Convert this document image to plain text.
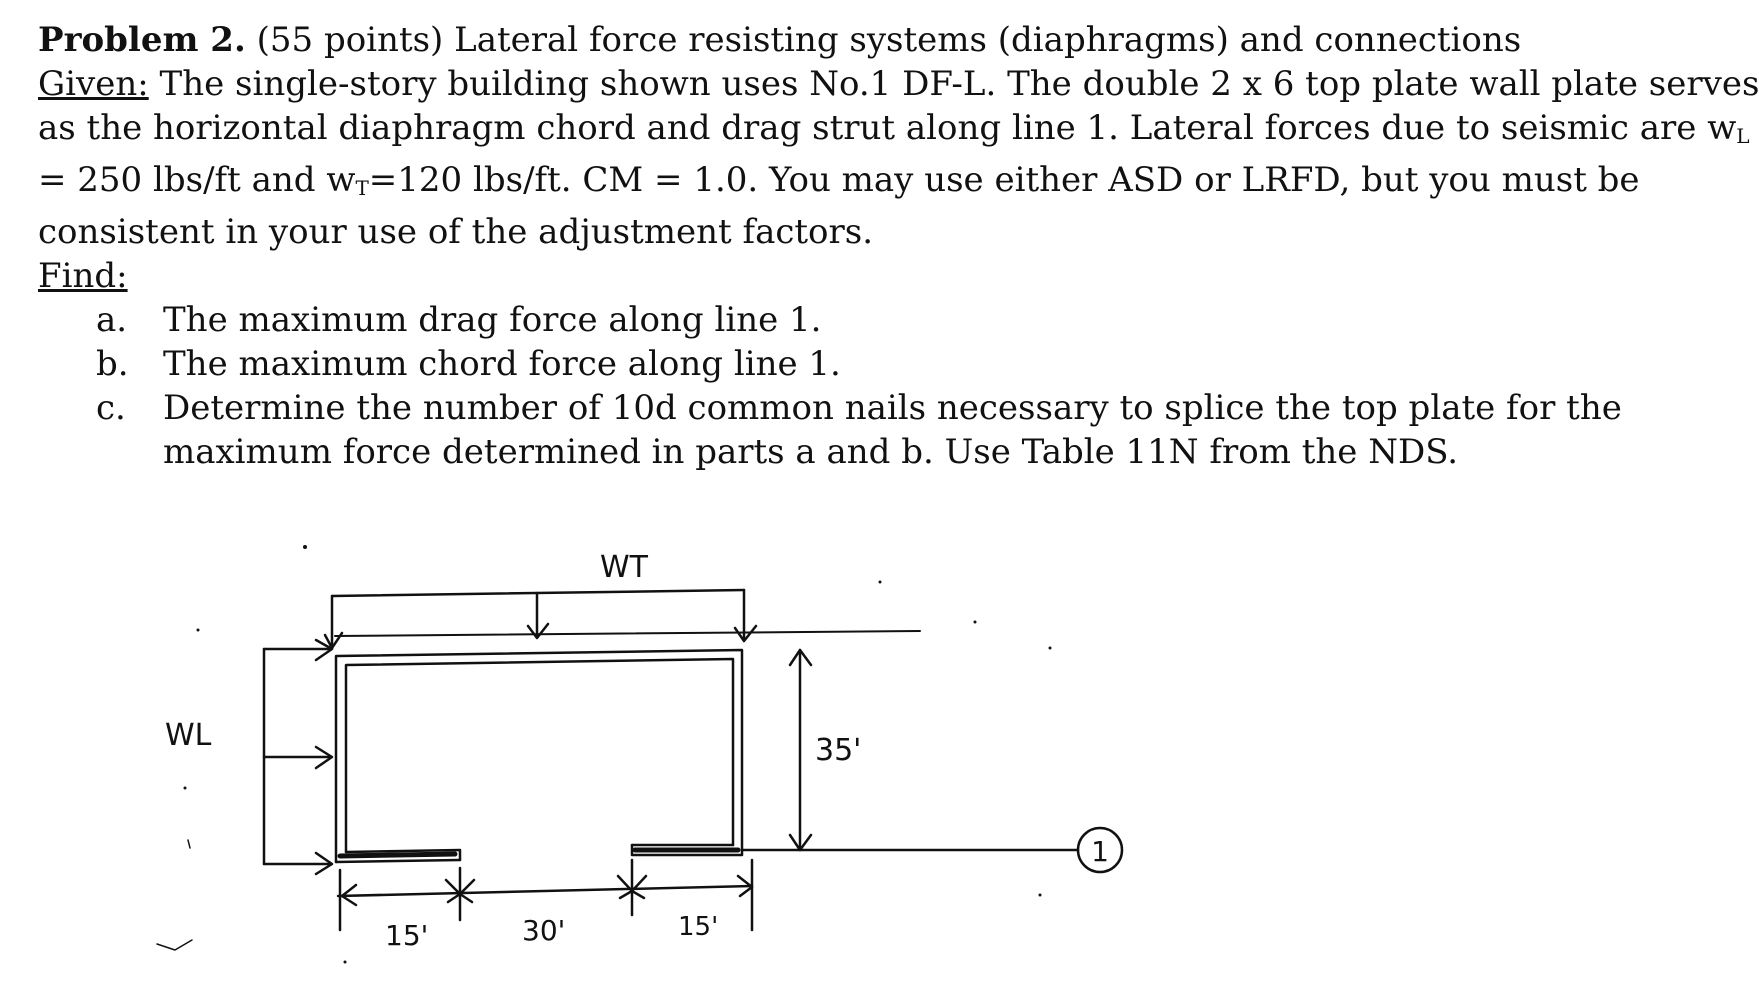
Problem 2. (55 points) Lateral force resisting systems (diaphragms) and connections
Given: The single-story building shown uses No.1 DF-L. The double 2 x 6 top plate wall plate serves
as the horizontal diaphragm chord and drag strut along line 1. Lateral forces due to seismic are $w_L$
= 250 lbs/ft and $w_T=120$ lbs/ft. CM = 1.0. You may use either ASD or LRFD, but you must be
consistent in your use of the adjustment factors.
Find:
a.	The maximum drag force along line 1.
b.	The maximum chord force along line 1.
c.	Determine the number of 10d common nails necessary to splice the top plate for the
maximum force determined in parts a and b. Use Table 11N from the NDS.
WT
WL	35'
1
15'	30'	15'
